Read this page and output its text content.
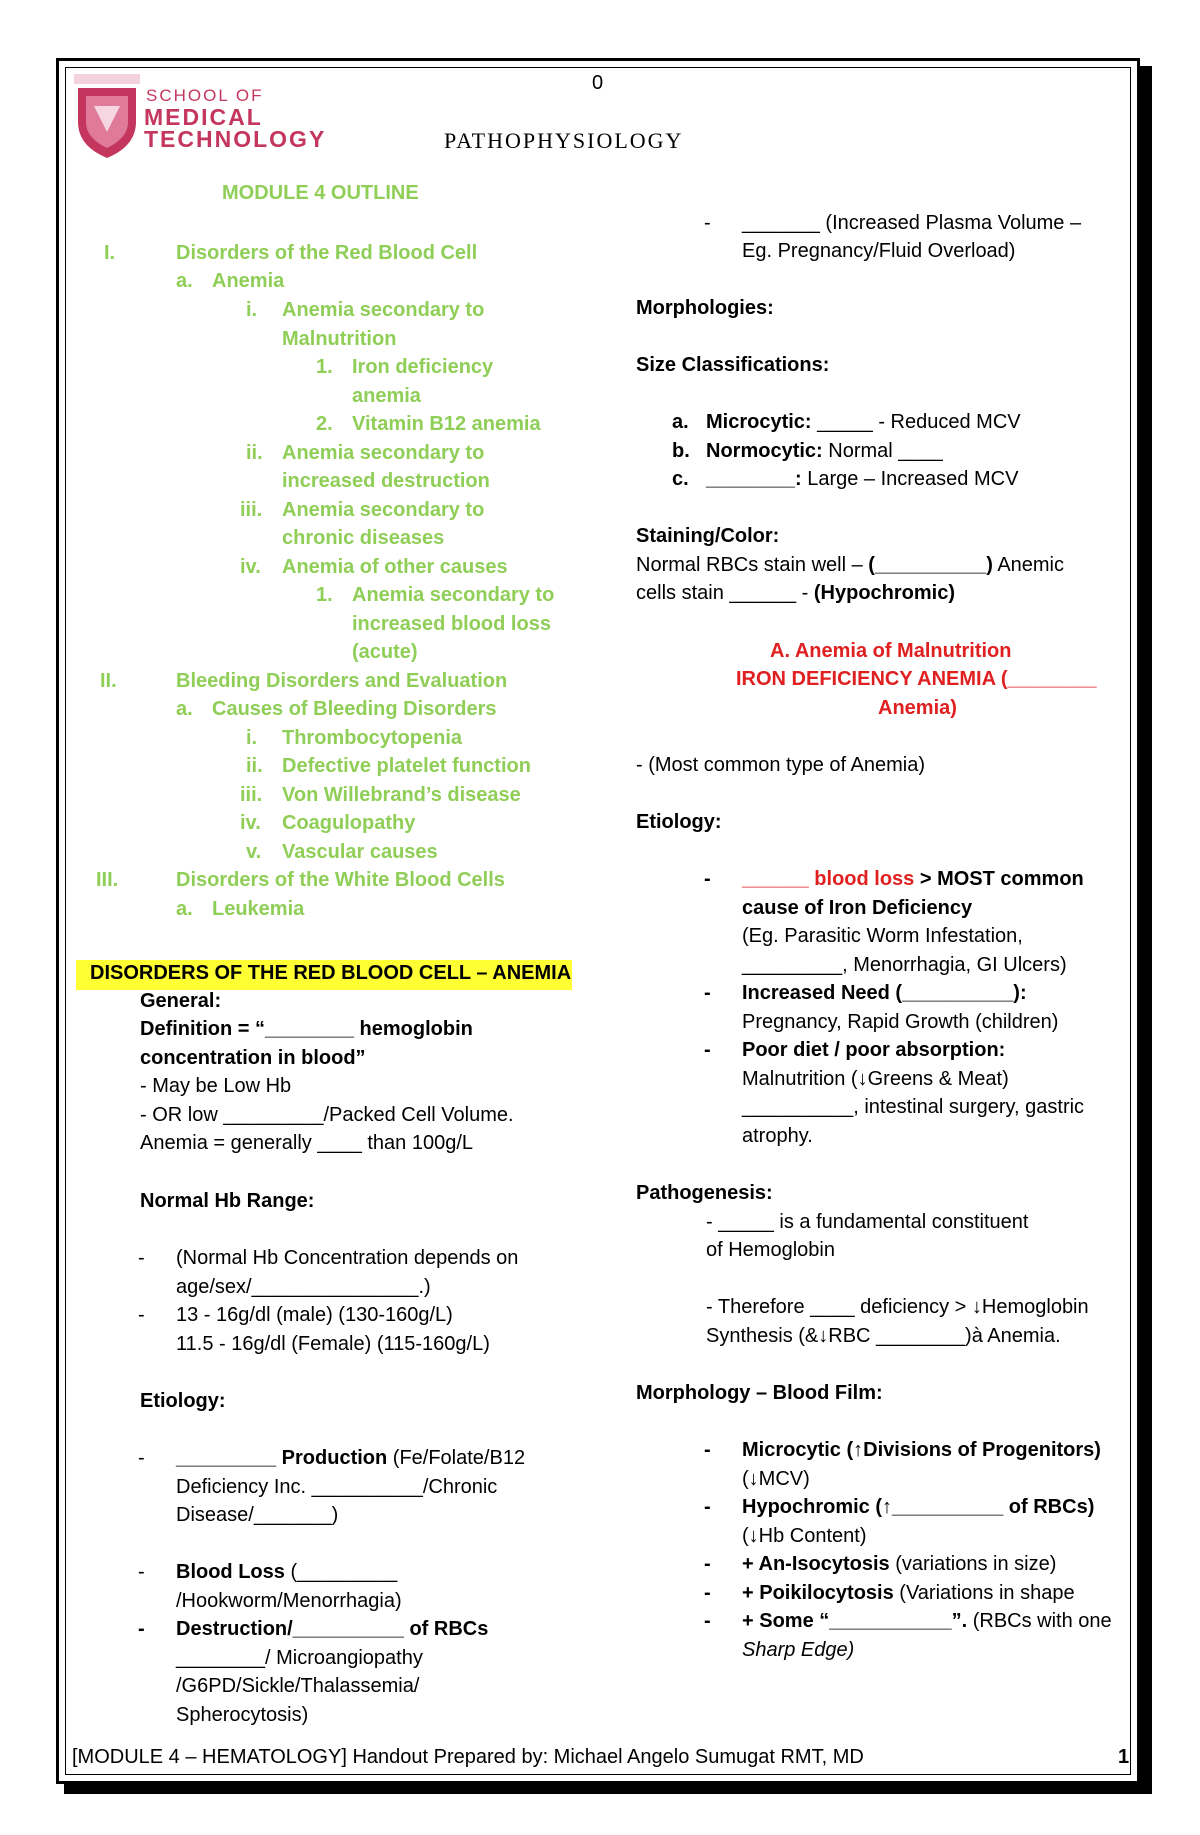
SCHOOL OF
MEDICAL
TECHNOLOGY
0
PATHOPHYSIOLOGY
MODULE 4 OUTLINE
I.	Disorders of the Red Blood Cell
a. Anemia
i. Anemia secondary to
Malnutrition
1. Iron deficiency
anemia
2. Vitamin B12 anemia
ii. Anemia secondary to
increased destruction
iii. Anemia secondary to
chronic diseases
iv. Anemia of other causes
1. Anemia secondary to
increased blood loss
(acute)
II.	Bleeding Disorders and Evaluation
a. Causes of Bleeding Disorders
i. Thrombocytopenia
ii. Defective platelet function
iii. Von Willebrand’s disease
iv. Coagulopathy
v. Vascular causes
III.	Disorders of the White Blood Cells
a. Leukemia
DISORDERS OF THE RED BLOOD CELL – ANEMIA
General:
Definition = “________ hemoglobin
concentration in blood”
- May be Low Hb
- OR low _________/Packed Cell Volume.
Anemia = generally ____ than 100g/L
Normal Hb Range:
- (Normal Hb Concentration depends on
age/sex/_______________.)
- 13 - 16g/dl (male) (130-160g/L)
11.5 - 16g/dl (Female) (115-160g/L)
Etiology:
- _________ Production (Fe/Folate/B12
Deficiency Inc. __________/Chronic
Disease/_______)
- Blood Loss (_________
/Hookworm/Menorrhagia)
- Destruction/__________ of RBCs
________/ Microangiopathy
/G6PD/Sickle/Thalassemia/
Spherocytosis)
- _______ (Increased Plasma Volume –
Eg. Pregnancy/Fluid Overload)
Morphologies:
Size Classifications:
a. Microcytic: _____ - Reduced MCV
b. Normocytic: Normal ____
c. ________: Large – Increased MCV
Staining/Color:
Normal RBCs stain well – (__________) Anemic
cells stain ______ - (Hypochromic)
A. Anemia of Malnutrition
IRON DEFICIENCY ANEMIA (________
Anemia)
- (Most common type of Anemia)
Etiology:
- ______ blood loss > MOST common
cause of Iron Deficiency
(Eg. Parasitic Worm Infestation,
_________, Menorrhagia, GI Ulcers)
- Increased Need (__________):
Pregnancy, Rapid Growth (children)
- Poor diet / poor absorption:
Malnutrition (↓Greens & Meat)
__________, intestinal surgery, gastric
atrophy.
Pathogenesis:
- _____ is a fundamental constituent
of Hemoglobin
- Therefore ____ deficiency > ↓Hemoglobin
Synthesis (&↓RBC ________)à Anemia.
Morphology – Blood Film:
- Microcytic (↑Divisions of Progenitors)
(↓MCV)
- Hypochromic (↑__________ of RBCs)
(↓Hb Content)
- + An-Isocytosis (variations in size)
- + Poikilocytosis (Variations in shape
- + Some “___________”. (RBCs with one
Sharp Edge)
[MODULE 4 – HEMATOLOGY] Handout Prepared by: Michael Angelo Sumugat RMT, MD	1
